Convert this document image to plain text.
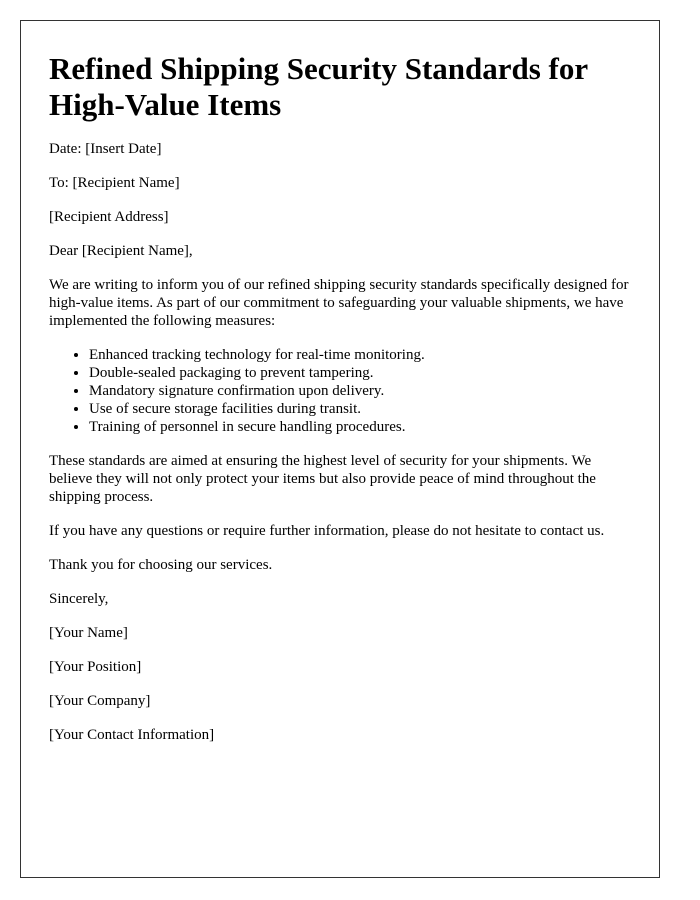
Refined Shipping Security Standards for High-Value Items

Date: [Insert Date]

To: [Recipient Name]

[Recipient Address]

Dear [Recipient Name],

We are writing to inform you of our refined shipping security standards specifically designed for high-value items. As part of our commitment to safeguarding your valuable shipments, we have implemented the following measures:

• Enhanced tracking technology for real-time monitoring.
• Double-sealed packaging to prevent tampering.
• Mandatory signature confirmation upon delivery.
• Use of secure storage facilities during transit.
• Training of personnel in secure handling procedures.

These standards are aimed at ensuring the highest level of security for your shipments. We believe they will not only protect your items but also provide peace of mind throughout the shipping process.

If you have any questions or require further information, please do not hesitate to contact us.

Thank you for choosing our services.

Sincerely,

[Your Name]

[Your Position]

[Your Company]

[Your Contact Information]
